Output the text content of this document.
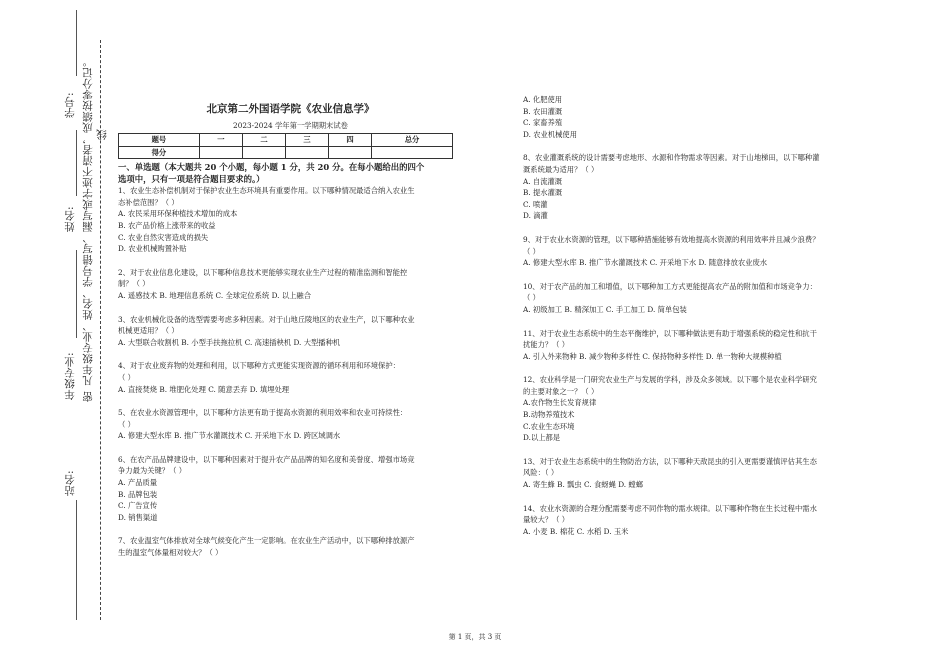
学号:
姓名:
年级专业:
站名:
凡年级专业、姓名、学号错写、漏写或字迹不清者，成绩按零分记。
密
线
北京第二外国语学院《农业信息学》
2023-2024 学年第一学期期末试卷
题号	一	二	三	四	总分
得分					
一、单选题（本大题共 20 个小题，每小题 1 分，共 20 分。在每小题给出的四个
选项中，只有一项是符合题目要求的。）
1、农业生态补偿机制对于保护农业生态环境具有重要作用。以下哪种情况最适合纳入农业生
态补偿范围？（ ）
A. 农民采用环保种植技术增加的成本
B. 农产品价格上涨带来的收益
C. 农业自然灾害造成的损失
D. 农业机械购置补贴
2、对于农业信息化建设，以下哪种信息技术更能够实现农业生产过程的精准监测和智能控
制？（ ）
A. 遥感技术 B. 地理信息系统 C. 全球定位系统 D. 以上融合
3、农业机械化设备的选型需要考虑多种因素。对于山地丘陵地区的农业生产，以下哪种农业
机械更适用？（ ）
A. 大型联合收割机 B. 小型手扶拖拉机 C. 高速插秧机 D. 大型播种机
4、对于农业废弃物的处理和利用，以下哪种方式更能实现资源的循环利用和环境保护：
（ ）
A. 直接焚烧 B. 堆肥化处理 C. 随意丢弃 D. 填埋处理
5、在农业水资源管理中，以下哪种方法更有助于提高水资源的利用效率和农业可持续性：
（ ）
A. 修建大型水库 B. 推广节水灌溉技术 C. 开采地下水 D. 跨区域调水
6、在农产品品牌建设中，以下哪种因素对于提升农产品品牌的知名度和美誉度、增强市场竞
争力最为关键？（ ）
A. 产品质量
B. 品牌包装
C. 广告宣传
D. 销售渠道
7、农业温室气体排放对全球气候变化产生一定影响。在农业生产活动中，以下哪种排放源产
生的温室气体量相对较大？（ ）
A. 化肥使用
B. 农田灌溉
C. 家畜养殖
D. 农业机械使用
8、农业灌溉系统的设计需要考虑地形、水源和作物需求等因素。对于山地梯田，以下哪种灌
溉系统最为适用？（ ）
A. 自流灌溉
B. 提水灌溉
C. 喷灌
D. 滴灌
9、对于农业水资源的管理，以下哪种措施能够有效地提高水资源的利用效率并且减少浪费？
（ ）
A. 修建大型水库 B. 推广节水灌溉技术 C. 开采地下水 D. 随意排放农业废水
10、对于农产品的加工和增值，以下哪种加工方式更能提高农产品的附加值和市场竞争力：
（ ）
A. 初级加工 B. 精深加工 C. 手工加工 D. 简单包装
11、对于农业生态系统中的生态平衡维护，以下哪种做法更有助于增强系统的稳定性和抗干
扰能力？（ ）
A. 引入外来物种 B. 减少物种多样性 C. 保持物种多样性 D. 单一物种大规模种植
12、农业科学是一门研究农业生产与发展的学科，涉及众多领域。以下哪个是农业科学研究
的主要对象之一？（ ）
A.农作物生长发育规律
B.动物养殖技术
C.农业生态环境
D.以上都是
13、对于农业生态系统中的生物防治方法，以下哪种天敌昆虫的引入更需要谨慎评估其生态
风险：（ ）
A. 寄生蜂 B. 瓢虫 C. 食蚜蝇 D. 螳螂
14、农业水资源的合理分配需要考虑不同作物的需水规律。以下哪种作物在生长过程中需水
量较大？（ ）
A. 小麦 B. 棉花 C. 水稻 D. 玉米
第 1 页，共 3 页
